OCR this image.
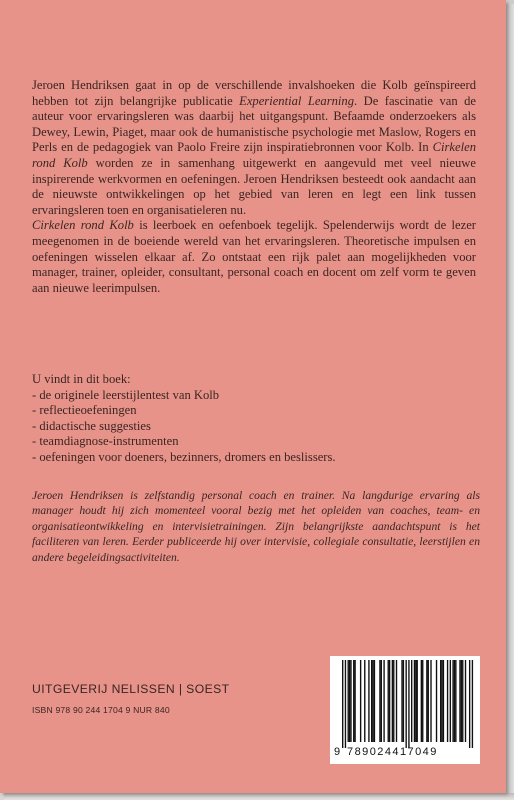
Jeroen Hendriksen gaat in op de verschillende invalshoeken die Kolb geïnspireerd hebben tot zijn belangrijke publicatie Experiential Learning. De fascinatie van de auteur voor ervaringsleren was daarbij het uitgangspunt. Befaamde onderzoekers als Dewey, Lewin, Piaget, maar ook de humanistische psychologie met Maslow, Rogers en Perls en de pedagogiek van Paolo Freire zijn inspiratiebronnen voor Kolb. In Cirkelen rond Kolb worden ze in samenhang uitgewerkt en aangevuld met veel nieuwe inspirerende werkvormen en oefeningen. Jeroen Hendriksen besteedt ook aandacht aan de nieuwste ontwikkelingen op het gebied van leren en legt een link tussen ervaringsleren toen en organisatieleren nu.

Cirkelen rond Kolb is leerboek en oefenboek tegelijk. Spelenderwijs wordt de lezer meegenomen in de boeiende wereld van het ervaringsleren. Theoretische impulsen en oefeningen wisselen elkaar af. Zo ontstaat een rijk palet aan mogelijkheden voor manager, trainer, opleider, consultant, personal coach en docent om zelf vorm te geven aan nieuwe leerimpulsen.

U vindt in dit boek:
- de originele leerstijlentest van Kolb
- reflectieoefeningen
- didactische suggesties
- teamdiagnose-instrumenten
- oefeningen voor doeners, bezinners, dromers en beslissers.
Jeroen Hendriksen is zelfstandig personal coach en trainer. Na langdurige ervaring als manager houdt hij zich momenteel vooral bezig met het opleiden van coaches, team- en organisatieontwikkeling en intervisietrainingen. Zijn belangrijkste aandachtspunt is het faciliteren van leren. Eerder publiceerde hij over intervisie, collegiale consultatie, leerstijlen en andere begeleidingsactiviteiten.
UITGEVERIJ NELISSEN | SOEST
ISBN 978 90 244 1704 9 NUR 840
9 789024417049
